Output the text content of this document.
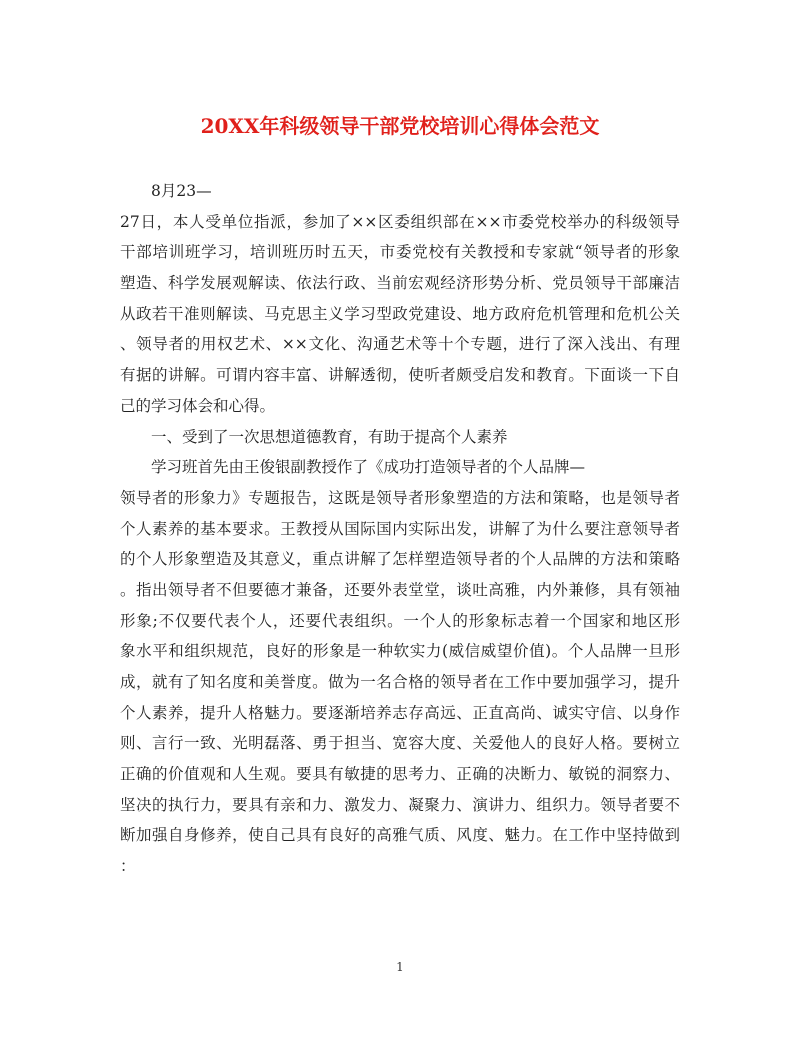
20XX年科级领导干部党校培训心得体会范文
8月23—
27日，本人受单位指派，参加了××区委组织部在××市委党校举办的科级领导
干部培训班学习，培训班历时五天，市委党校有关教授和专家就“领导者的形象
塑造、科学发展观解读、依法行政、当前宏观经济形势分析、党员领导干部廉洁
从政若干准则解读、马克思主义学习型政党建设、地方政府危机管理和危机公关
、领导者的用权艺术、××文化、沟通艺术等十个专题，进行了深入浅出、有理
有据的讲解。可谓内容丰富、讲解透彻，使听者颇受启发和教育。下面谈一下自
己的学习体会和心得。
一、受到了一次思想道德教育，有助于提高个人素养
学习班首先由王俊银副教授作了《成功打造领导者的个人品牌—
领导者的形象力》专题报告，这既是领导者形象塑造的方法和策略，也是领导者
个人素养的基本要求。王教授从国际国内实际出发，讲解了为什么要注意领导者
的个人形象塑造及其意义，重点讲解了怎样塑造领导者的个人品牌的方法和策略
。指出领导者不但要德才兼备，还要外表堂堂，谈吐高雅，内外兼修，具有领袖
形象;不仅要代表个人，还要代表组织。一个人的形象标志着一个国家和地区形
象水平和组织规范，良好的形象是一种软实力(威信威望价值)。个人品牌一旦形
成，就有了知名度和美誉度。做为一名合格的领导者在工作中要加强学习，提升
个人素养，提升人格魅力。要逐渐培养志存高远、正直高尚、诚实守信、以身作
则、言行一致、光明磊落、勇于担当、宽容大度、关爱他人的良好人格。要树立
正确的价值观和人生观。要具有敏捷的思考力、正确的决断力、敏锐的洞察力、
坚决的执行力，要具有亲和力、激发力、凝聚力、演讲力、组织力。领导者要不
断加强自身修养，使自己具有良好的高雅气质、风度、魅力。在工作中坚持做到
：
1
